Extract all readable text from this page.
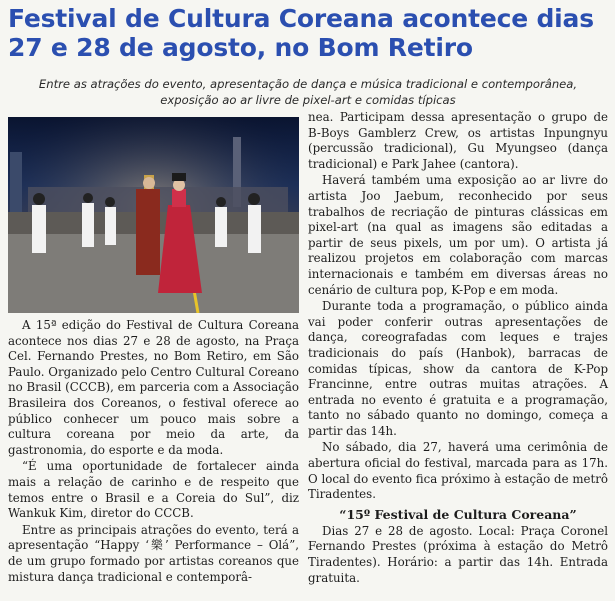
Festival de Cultura Coreana acontece dias 27 e 28 de agosto, no Bom Retiro
Entre as atrações do evento, apresentação de dança e música tradicional e contemporânea, exposição ao ar livre de pixel-art e comidas típicas

A 15ª edição do Festival de Cultura Coreana acontece nos dias 27 e 28 de agosto, na Praça Cel. Fernando Prestes, no Bom Retiro, em São Paulo. Organizado pelo Centro Cultural Coreano no Brasil (CCCB), em parceria com a Associação Brasileira dos Coreanos, o festival oferece ao público conhecer um pouco mais sobre a cultura coreana por meio da arte, da gastronomia, do esporte e da moda.

“É uma oportunidade de fortalecer ainda mais a relação de carinho e de respeito que temos entre o Brasil e a Coreia do Sul”, diz Wankuk Kim, diretor do CCCB.

Entre as principais atrações do evento, terá a apresentação “Happy ‘樂’ Performance – Olá”, de um grupo formado por artistas coreanos que mistura dança tradicional e contemporâ-

nea. Participam dessa apresentação o grupo de B-Boys Gamblerz Crew, os artistas Inpungnyu (percussão tradicional), Gu Myungseo (dança tradicional) e Park Jahee (cantora).

Haverá também uma exposição ao ar livre do artista Joo Jaebum, reconhecido por seus trabalhos de recriação de pinturas clássicas em pixel-art (na qual as imagens são editadas a partir de seus pixels, um por um). O artista já realizou projetos em colaboração com marcas internacionais e também em diversas áreas no cenário de cultura pop, K-Pop e em moda.

Durante toda a programação, o público ainda vai poder conferir outras apresentações de dança, coreografadas com leques e trajes tradicionais do país (Hanbok), barracas de comidas típicas, show da cantora de K-Pop Francinne, entre outras muitas atrações. A entrada no evento é gratuita e a programação, tanto no sábado quanto no domingo, começa a partir das 14h.

No sábado, dia 27, haverá uma cerimônia de abertura oficial do festival, marcada para as 17h. O local do evento fica próximo à estação de metrô Tiradentes.

“15º Festival de Cultura Coreana”

Dias 27 e 28 de agosto. Local: Praça Coronel Fernando Prestes (próxima à estação do Metrô Tiradentes). Horário: a partir das 14h. Entrada gratuita.
